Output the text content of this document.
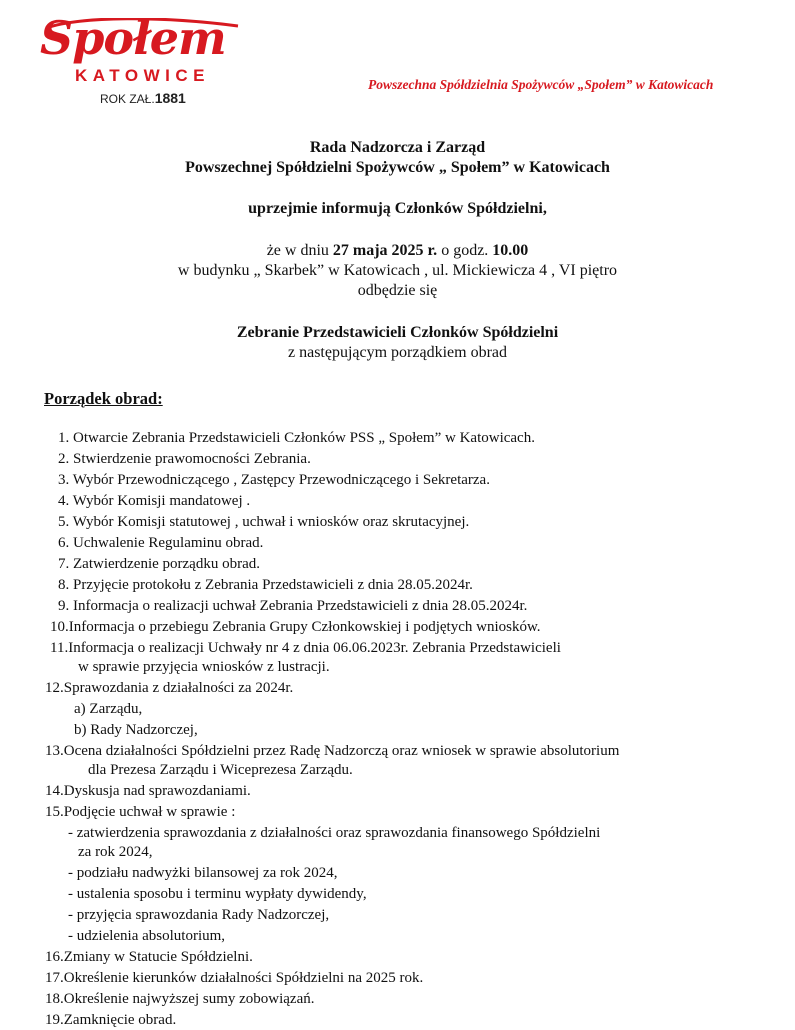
Społem
KATOWICE
ROK ZAŁ.1881
Powszechna Spółdzielnia Spożywców „Społem” w Katowicach
Rada Nadzorcza i Zarząd
Powszechnej Spółdzielni Spożywców „ Społem” w Katowicach
uprzejmie informują Członków Spółdzielni,
że w dniu 27 maja 2025 r. o godz. 10.00
w budynku „ Skarbek” w Katowicach , ul. Mickiewicza 4 , VI piętro
odbędzie się
Zebranie Przedstawicieli Członków Spółdzielni
z następującym porządkiem obrad
Porządek obrad:
1. Otwarcie Zebrania Przedstawicieli Członków PSS „ Społem” w Katowicach.
2. Stwierdzenie prawomocności Zebrania.
3. Wybór Przewodniczącego , Zastępcy Przewodniczącego i Sekretarza.
4. Wybór Komisji mandatowej .
5. Wybór Komisji statutowej , uchwał i wniosków oraz skrutacyjnej.
6. Uchwalenie Regulaminu obrad.
7. Zatwierdzenie porządku obrad.
8. Przyjęcie protokołu z Zebrania Przedstawicieli z dnia 28.05.2024r.
9. Informacja o realizacji uchwał Zebrania Przedstawicieli z dnia 28.05.2024r.
10.Informacja o przebiegu Zebrania Grupy Członkowskiej i podjętych wniosków.
11.Informacja o realizacji Uchwały nr 4 z dnia 06.06.2023r. Zebrania Przedstawicieli
w sprawie przyjęcia wniosków z lustracji.
12.Sprawozdania z działalności za 2024r.
a) Zarządu,
b) Rady Nadzorczej,
13.Ocena działalności Spółdzielni przez Radę Nadzorczą oraz wniosek w sprawie absolutorium
dla Prezesa Zarządu i Wiceprezesa Zarządu.
14.Dyskusja nad sprawozdaniami.
15.Podjęcie uchwał w sprawie :
- zatwierdzenia sprawozdania z działalności oraz sprawozdania finansowego Spółdzielni
za rok 2024,
- podziału nadwyżki bilansowej za rok 2024,
- ustalenia sposobu i terminu wypłaty dywidendy,
- przyjęcia sprawozdania Rady Nadzorczej,
- udzielenia absolutorium,
16.Zmiany w Statucie Spółdzielni.
17.Określenie kierunków działalności Spółdzielni na 2025 rok.
18.Określenie najwyższej sumy zobowiązań.
19.Zamknięcie obrad.
